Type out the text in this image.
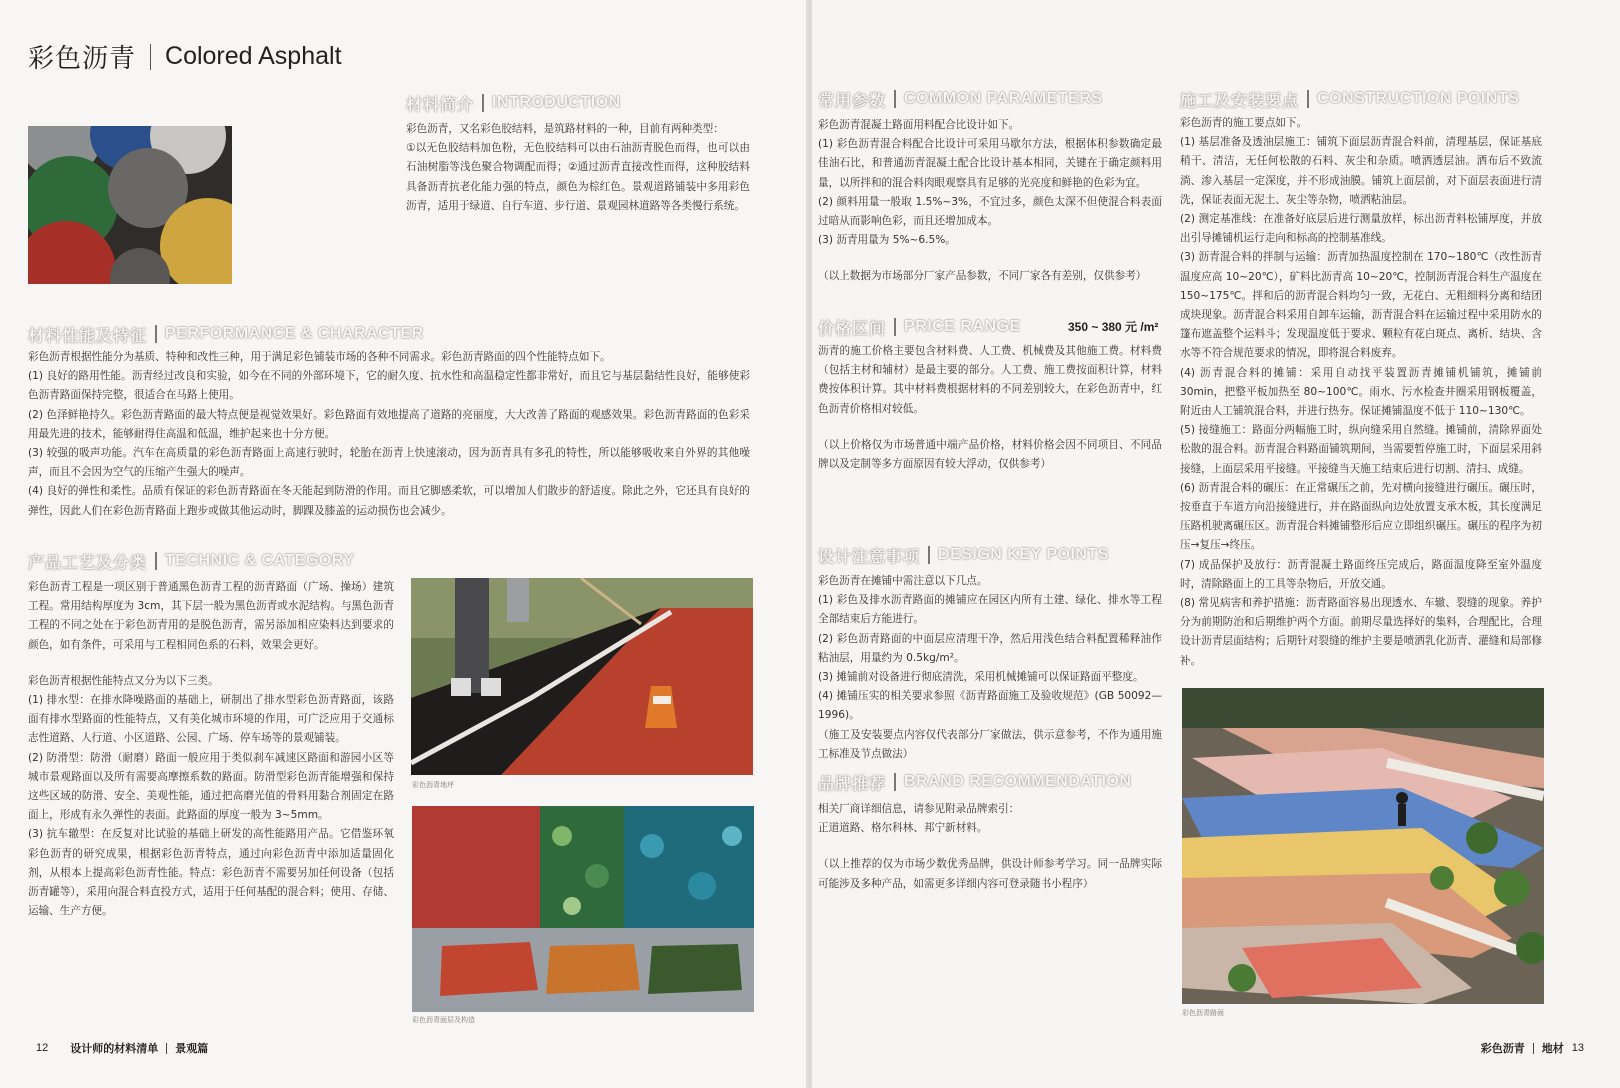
彩色沥青 Colored Asphalt
材料简介 INTRODUCTION

彩色沥青，又名彩色胶结料，是筑路材料的一种，目前有两种类型：

①以无色胶结料加色粉，无色胶结料可以由石油沥青脱色而得，也可以由石油树脂等浅色聚合物调配而得；②通过沥青直接改性而得，这种胶结料具备沥青抗老化能力强的特点，颜色为棕红色。景观道路铺装中多用彩色沥青，适用于绿道、自行车道、步行道、景观园林道路等各类慢行系统。

材料性能及特征 PERFORMANCE & CHARACTER

彩色沥青根据性能分为基质、特种和改性三种，用于满足彩色铺装市场的各种不同需求。彩色沥青路面的四个性能特点如下。

(1) 良好的路用性能。沥青经过改良和实验，如今在不同的外部环境下，它的耐久度、抗水性和高温稳定性都非常好，而且它与基层黏结性良好，能够使彩色沥青路面保持完整，很适合在马路上使用。

(2) 色泽鲜艳持久。彩色沥青路面的最大特点便是视觉效果好。彩色路面有效地提高了道路的亮丽度，大大改善了路面的观感效果。彩色沥青路面的色彩采用最先进的技术，能够耐得住高温和低温，维护起来也十分方便。

(3) 较强的吸声功能。汽车在高质量的彩色沥青路面上高速行驶时，轮胎在沥青上快速滚动，因为沥青具有多孔的特性，所以能够吸收来自外界的其他噪声，而且不会因为空气的压缩产生强大的噪声。

(4) 良好的弹性和柔性。品质有保证的彩色沥青路面在冬天能起到防滑的作用。而且它脚感柔软，可以增加人们散步的舒适度。除此之外，它还具有良好的弹性，因此人们在彩色沥青路面上跑步或做其他运动时，脚踝及膝盖的运动损伤也会减少。

产品工艺及分类 TECHNIC & CATEGORY

彩色沥青工程是一项区别于普通黑色沥青工程的沥青路面（广场、操场）建筑工程。常用结构厚度为 3cm，其下层一般为黑色沥青或水泥结构。与黑色沥青工程的不同之处在于彩色沥青用的是脱色沥青，需另添加相应染料达到要求的颜色，如有条件，可采用与工程相同色系的石料，效果会更好。

彩色沥青根据性能特点又分为以下三类。

(1) 排水型：在排水降噪路面的基础上，研制出了排水型彩色沥青路面，该路面有排水型路面的性能特点，又有美化城市环境的作用，可广泛应用于交通标志性道路、人行道、小区道路、公园、广场、停车场等的景观铺装。

(2) 防滑型：防滑（耐磨）路面一般应用于类似刹车减速区路面和游园小区等城市景观路面以及所有需要高摩擦系数的路面。防滑型彩色沥青能增强和保持这些区域的防滑、安全、美观性能，通过把高磨光值的骨料用黏合剂固定在路面上，形成有永久弹性的表面。此路面的厚度一般为 3~5mm。

(3) 抗车辙型：在反复对比试验的基础上研发的高性能路用产品。它借鉴环氧彩色沥青的研究成果，根据彩色沥青特点，通过向彩色沥青中添加适量固化剂，从根本上提高彩色沥青性能。特点：彩色沥青不需要另加任何设备（包括沥青罐等），采用向混合料直投方式，适用于任何基配的混合料；使用、存储、运输、生产方便。

彩色沥青地坪
彩色沥青面层及构造
12 设计师的材料清单 景观篇
常用参数 COMMON PARAMETERS

彩色沥青混凝土路面用料配合比设计如下。

(1) 彩色沥青混合料配合比设计可采用马歇尔方法，根据体积参数确定最佳油石比，和普通沥青混凝土配合比设计基本相同，关键在于确定颜料用量，以所拌和的混合料肉眼观察具有足够的光亮度和鲜艳的色彩为宜。

(2) 颜料用量一般取 1.5%~3%，不宜过多，颜色太深不但使混合料表面过暗从而影响色彩，而且还增加成本。

(3) 沥青用量为 5%~6.5%。

（以上数据为市场部分厂家产品参数，不同厂家各有差别，仅供参考）

价格区间 PRICE RANGE	350 ~ 380 元 /m²

沥青的施工价格主要包含材料费、人工费、机械费及其他施工费。材料费（包括主材和辅材）是最主要的部分。人工费、施工费按面积计算，材料费按体积计算。其中材料费根据材料的不同差别较大，在彩色沥青中，红色沥青价格相对较低。

（以上价格仅为市场普通中端产品价格，材料价格会因不同项目、不同品牌以及定制等多方面原因有较大浮动，仅供参考）

设计注意事项 DESIGN KEY POINTS

彩色沥青在摊铺中需注意以下几点。

(1) 彩色及排水沥青路面的摊铺应在园区内所有土建、绿化、排水等工程全部结束后方能进行。

(2) 彩色沥青路面的中面层应清理干净，然后用浅色结合料配置稀释油作粘油层，用量约为 0.5kg/m²。

(3) 摊铺前对设备进行彻底清洗，采用机械摊铺可以保证路面平整度。

(4) 摊铺压实的相关要求参照《沥青路面施工及验收规范》(GB 50092—1996)。

（施工及安装要点内容仅代表部分厂家做法，供示意参考，不作为通用施工标准及节点做法）

品牌推荐 BRAND RECOMMENDATION

相关厂商详细信息，请参见附录品牌索引：

正道道路、格尔科林、邦宁新材料。

（以上推荐的仅为市场少数优秀品牌，供设计师参考学习。同一品牌实际可能涉及多种产品，如需更多详细内容可登录随书小程序）

施工及安装要点 CONSTRUCTION POINTS

彩色沥青的施工要点如下。

(1) 基层准备及透油层施工：铺筑下面层沥青混合料前，清理基层，保证基底稍干、清洁，无任何松散的石料、灰尘和杂质。喷洒透层油。洒布后不致流淌、渗入基层一定深度，并不形成油膜。铺筑上面层前，对下面层表面进行清洗，保证表面无泥土、灰尘等杂物，喷洒粘油层。

(2) 测定基准线：在准备好底层后进行测量放样，标出沥青料松铺厚度，并放出引导摊铺机运行走向和标高的控制基准线。

(3) 沥青混合料的拌制与运输：沥青加热温度控制在 170~180℃（改性沥青温度应高 10~20℃），矿料比沥青高 10~20℃，控制沥青混合料生产温度在 150~175℃。拌和后的沥青混合料均匀一致，无花白、无粗细料分离和结团成块现象。沥青混合料采用自卸车运输，沥青混合料在运输过程中采用防水的篷布遮盖整个运料斗；发现温度低于要求、颗粒有花白斑点、离析、结块、含水等不符合规范要求的情况，即将混合料废弃。

(4) 沥青混合料的摊铺：采用自动找平装置沥青摊铺机铺筑，摊铺前 30min，把整平板加热至 80~100℃。雨水、污水检查井圈采用钢板覆盖，附近由人工铺筑混合料，并进行热夯。保证摊铺温度不低于 110~130℃。

(5) 接缝施工：路面分两幅施工时，纵向缝采用自然缝。摊铺前，清除界面处松散的混合料。沥青混合料路面铺筑期间，当需要暂停施工时，下面层采用斜接缝，上面层采用平接缝。平接缝当天施工结束后进行切割、清扫、成缝。

(6) 沥青混合料的碾压：在正常碾压之前，先对横向接缝进行碾压。碾压时，按垂直于车道方向沿接缝进行，并在路面纵向边处放置支承木板，其长度满足压路机驶离碾压区。沥青混合料摊铺整形后应立即组织碾压。碾压的程序为初压→复压→终压。

(7) 成品保护及放行：沥青混凝土路面终压完成后，路面温度降至室外温度时，清除路面上的工具等杂物后，开放交通。

(8) 常见病害和养护措施：沥青路面容易出现透水、车辙、裂缝的现象。养护分为前期防治和后期维护两个方面。前期尽量选择好的集料，合理配比，合理设计沥青层面结构；后期针对裂缝的维护主要是喷洒乳化沥青、灌缝和局部修补。

彩色沥青路面
彩色沥青 地材 13
